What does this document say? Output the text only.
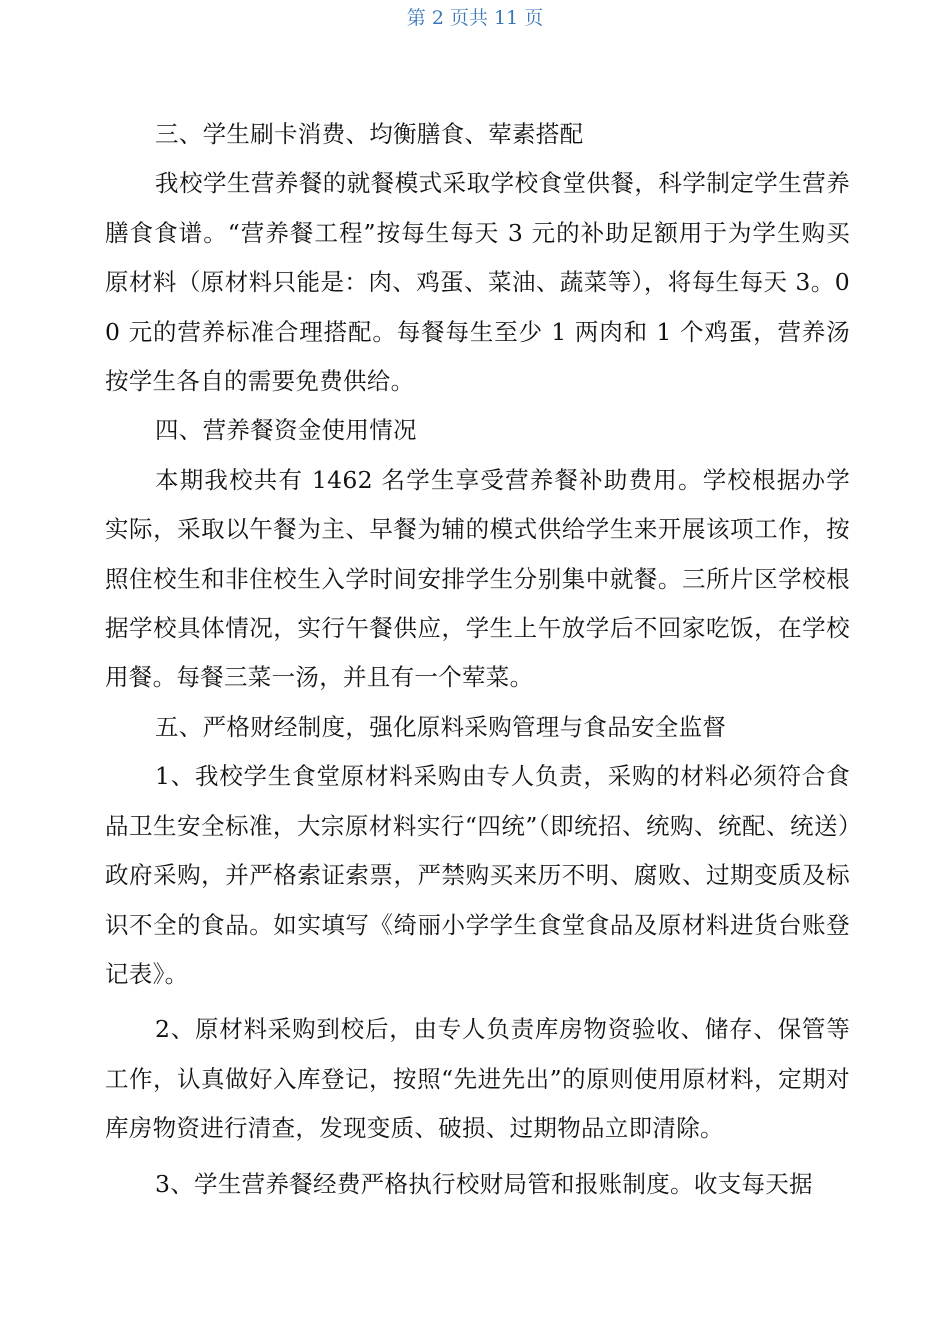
第 2 页共 11 页

三、学生刷卡消费、均衡膳食、荤素搭配

我校学生营养餐的就餐模式采取学校食堂供餐，科学制定学生营养膳食食谱。“营养餐工程”按每生每天 3 元的补助足额用于为学生购买原材料（原材料只能是：肉、鸡蛋、菜油、蔬菜等），将每生每天 3。00 元的营养标准合理搭配。每餐每生至少 1 两肉和 1 个鸡蛋，营养汤按学生各自的需要免费供给。

四、营养餐资金使用情况

本期我校共有 1462 名学生享受营养餐补助费用。学校根据办学实际，采取以午餐为主、早餐为辅的模式供给学生来开展该项工作，按照住校生和非住校生入学时间安排学生分别集中就餐。三所片区学校根据学校具体情况，实行午餐供应，学生上午放学后不回家吃饭，在学校用餐。每餐三菜一汤，并且有一个荤菜。

五、严格财经制度，强化原料采购管理与食品安全监督

1、我校学生食堂原材料采购由专人负责，采购的材料必须符合食品卫生安全标准，大宗原材料实行“四统”（即统招、统购、统配、统送）政府采购，并严格索证索票，严禁购买来历不明、腐败、过期变质及标识不全的食品。如实填写《绮丽小学学生食堂食品及原材料进货台账登记表》。

2、原材料采购到校后，由专人负责库房物资验收、储存、保管等工作，认真做好入库登记，按照“先进先出”的原则使用原材料，定期对库房物资进行清查，发现变质、破损、过期物品立即清除。

3、学生营养餐经费严格执行校财局管和报账制度。收支每天据
